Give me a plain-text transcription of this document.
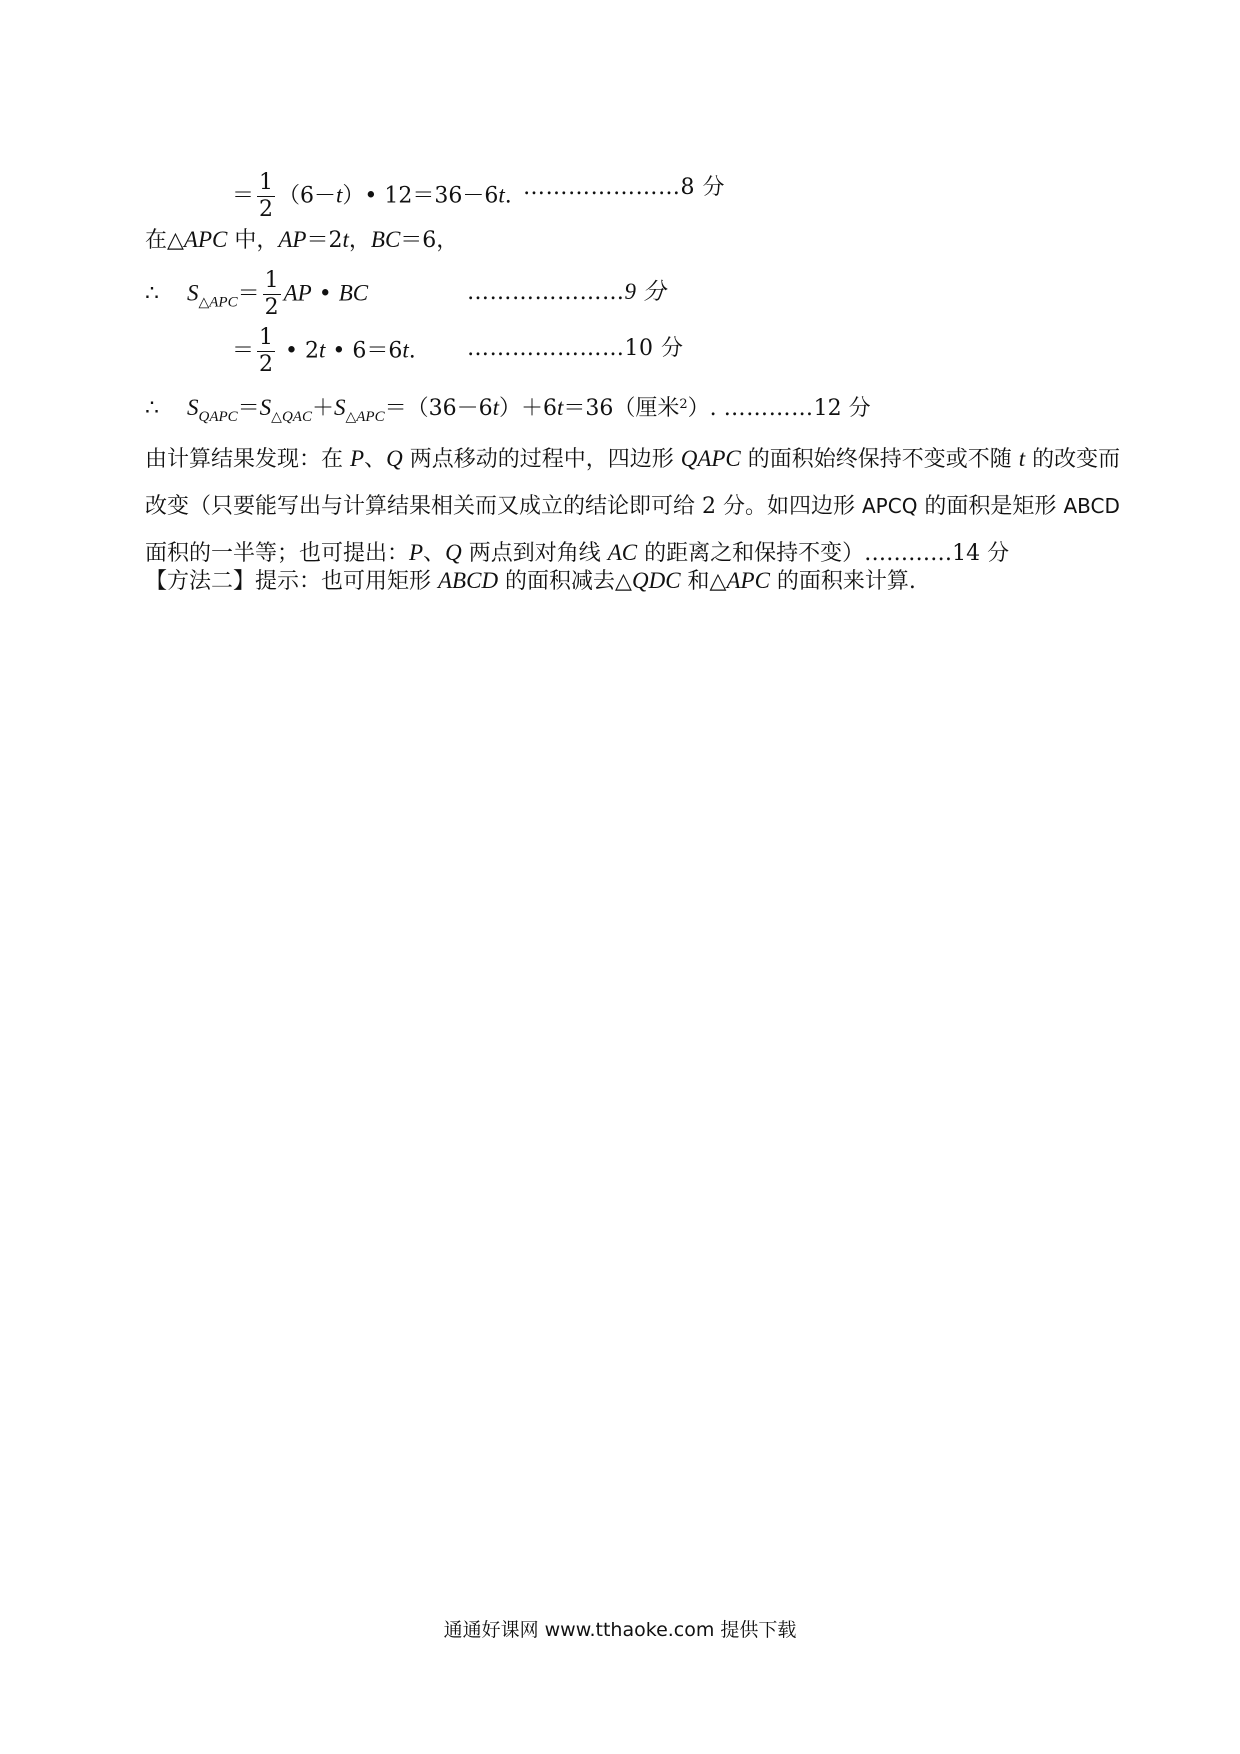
＝ $\frac{1}{2}$ （6－t）• 12＝36－6t. …………………8 分
在△APC 中，AP＝2t，BC＝6，
∴ $S_{\triangle APC}= \frac{1}{2}$ AP • BC	…………………9 分
＝ $\frac{1}{2}$ • 2t • 6＝6t. …………………10 分
∴ $S_{QAPC}=S_{\triangle QAC}+S_{\triangle APC}=(36-6t)+6t=36$（厘米$^2$）. …………12 分
由计算结果发现：在 P、Q 两点移动的过程中，四边形 QAPC 的面积始终保持不变或不随 t 的改变而改变（只要能写出与计算结果相关而又成立的结论即可给 2 分。如四边形 APCQ 的面积是矩形 ABCD 面积的一半等；也可提出：P、Q 两点到对角线 AC 的距离之和保持不变）…………14 分
【方法二】提示：也可用矩形 ABCD 的面积减去△QDC 和△APC 的面积来计算.
通通好课网 www.tthaoke.com 提供下载
